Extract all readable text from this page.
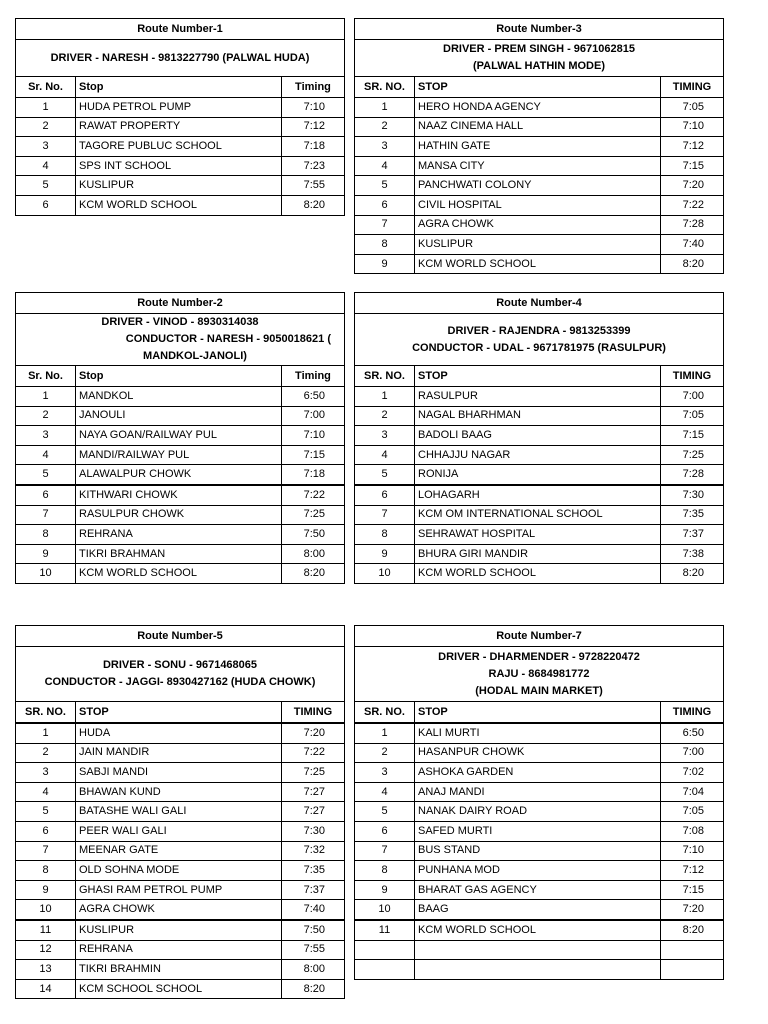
Route Number-1		

DRIVER - NARESH - 9813227790 (PALWAL HUDA)		

Sr. No.	Stop	Timing
1	HUDA PETROL PUMP	7:10
2	RAWAT PROPERTY	7:12
3	TAGORE PUBLUC SCHOOL	7:18
4	SPS INT SCHOOL	7:23
5	KUSLIPUR	7:55
6	KCM WORLD SCHOOL	8:20
Route Number-3		

DRIVER - PREM SINGH - 9671062815
(PALWAL HATHIN MODE)		

SR. NO.	STOP	TIMING
1	HERO HONDA AGENCY	7:05
2	NAAZ CINEMA HALL	7:10
3	HATHIN GATE	7:12
4	MANSA CITY	7:15
5	PANCHWATI COLONY	7:20
6	CIVIL HOSPITAL	7:22
7	AGRA CHOWK	7:28
8	KUSLIPUR	7:40
9	KCM WORLD SCHOOL	8:20
Route Number-2		

DRIVER - VINOD - 8930314038
CONDUCTOR - NARESH - 9050018621 (
MANDKOL-JANOLI)		

Sr. No.	Stop	Timing
1	MANDKOL	6:50
2	JANOULI	7:00
3	NAYA GOAN/RAILWAY PUL	7:10
4	MANDI/RAILWAY PUL	7:15
5	ALAWALPUR CHOWK	7:18
6	KITHWARI CHOWK	7:22
7	RASULPUR CHOWK	7:25
8	REHRANA	7:50
9	TIKRI BRAHMAN	8:00
10	KCM WORLD SCHOOL	8:20
Route Number-4		

DRIVER - RAJENDRA - 9813253399
CONDUCTOR - UDAL - 9671781975 (RASULPUR)		

SR. NO.	STOP	TIMING
1	RASULPUR	7:00
2	NAGAL BHARHMAN	7:05
3	BADOLI BAAG	7:15
4	CHHAJJU NAGAR	7:25
5	RONIJA	7:28
6	LOHAGARH	7:30
7	KCM OM INTERNATIONAL SCHOOL	7:35
8	SEHRAWAT HOSPITAL	7:37
9	BHURA GIRI MANDIR	7:38
10	KCM WORLD SCHOOL	8:20
Route Number-5		

DRIVER - SONU - 9671468065
CONDUCTOR - JAGGI- 8930427162 (HUDA CHOWK)		

SR. NO.	STOP	TIMING
1	HUDA	7:20
2	JAIN MANDIR	7:22
3	SABJI MANDI	7:25
4	BHAWAN KUND	7:27
5	BATASHE WALI GALI	7:27
6	PEER WALI GALI	7:30
7	MEENAR GATE	7:32
8	OLD SOHNA MODE	7:35
9	GHASI RAM PETROL PUMP	7:37
10	AGRA CHOWK	7:40
11	KUSLIPUR	7:50
12	REHRANA	7:55
13	TIKRI BRAHMIN	8:00
14	KCM SCHOOL SCHOOL	8:20
Route Number-7		

DRIVER - DHARMENDER - 9728220472
RAJU - 8684981772
(HODAL MAIN MARKET)		

SR. NO.	STOP	TIMING
1	KALI MURTI	6:50
2	HASANPUR CHOWK	7:00
3	ASHOKA GARDEN	7:02
4	ANAJ MANDI	7:04
5	NANAK DAIRY ROAD	7:05
6	SAFED MURTI	7:08
7	BUS STAND	7:10
8	PUNHANA MOD	7:12
9	BHARAT GAS AGENCY	7:15
10	BAAG	7:20
11	KCM WORLD SCHOOL	8:20
